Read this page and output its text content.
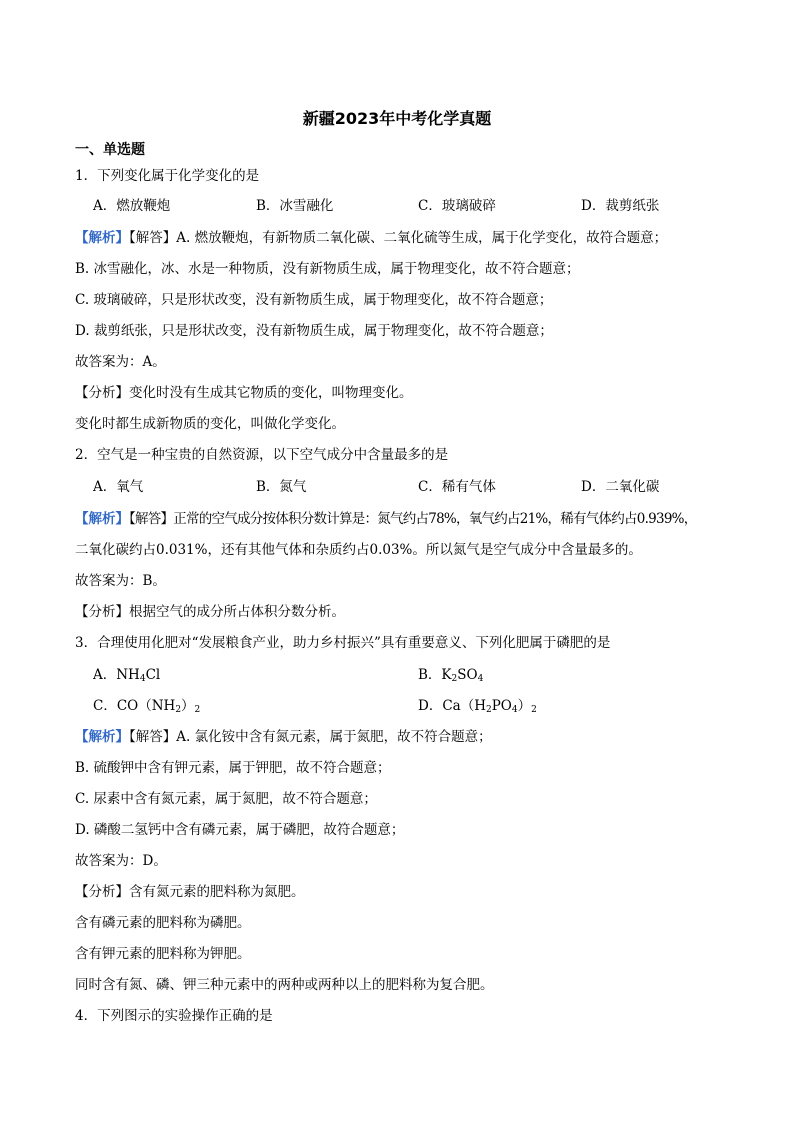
新疆2023年中考化学真题
一、单选题
1．下列变化属于化学变化的是
A．燃放鞭炮	B．冰雪融化	C．玻璃破碎	D．裁剪纸张
【解析】【解答】A. 燃放鞭炮，有新物质二氧化碳、二氧化硫等生成，属于化学变化，故符合题意；
B. 冰雪融化，冰、水是一种物质，没有新物质生成，属于物理变化，故不符合题意；
C. 玻璃破碎，只是形状改变，没有新物质生成，属于物理变化，故不符合题意；
D. 裁剪纸张，只是形状改变，没有新物质生成，属于物理变化，故不符合题意；
故答案为：A。
【分析】变化时没有生成其它物质的变化，叫物理变化。
变化时都生成新物质的变化，叫做化学变化。
2．空气是一种宝贵的自然资源，以下空气成分中含量最多的是
A．氧气	B．氮气	C．稀有气体	D．二氧化碳
【解析】【解答】正常的空气成分按体积分数计算是：氮气约占78%，氧气约占21%，稀有气体约占0.939%，
二氧化碳约占0.031%，还有其他气体和杂质约占0.03%。所以氮气是空气成分中含量最多的。
故答案为：B。
【分析】根据空气的成分所占体积分数分析。
3．合理使用化肥对“发展粮食产业，助力乡村振兴”具有重要意义、下列化肥属于磷肥的是
A．$NH_4Cl$	B．$K_2SO_4$
C．$CO(NH_2)_2$	D．$Ca(H_2PO_4)_2$
【解析】【解答】A. 氯化铵中含有氮元素，属于氮肥，故不符合题意；
B. 硫酸钾中含有钾元素，属于钾肥，故不符合题意；
C. 尿素中含有氮元素，属于氮肥，故不符合题意；
D. 磷酸二氢钙中含有磷元素，属于磷肥，故符合题意；
故答案为：D。
【分析】含有氮元素的肥料称为氮肥。
含有磷元素的肥料称为磷肥。
含有钾元素的肥料称为钾肥。
同时含有氮、磷、钾三种元素中的两种或两种以上的肥料称为复合肥。
4．下列图示的实验操作正确的是
